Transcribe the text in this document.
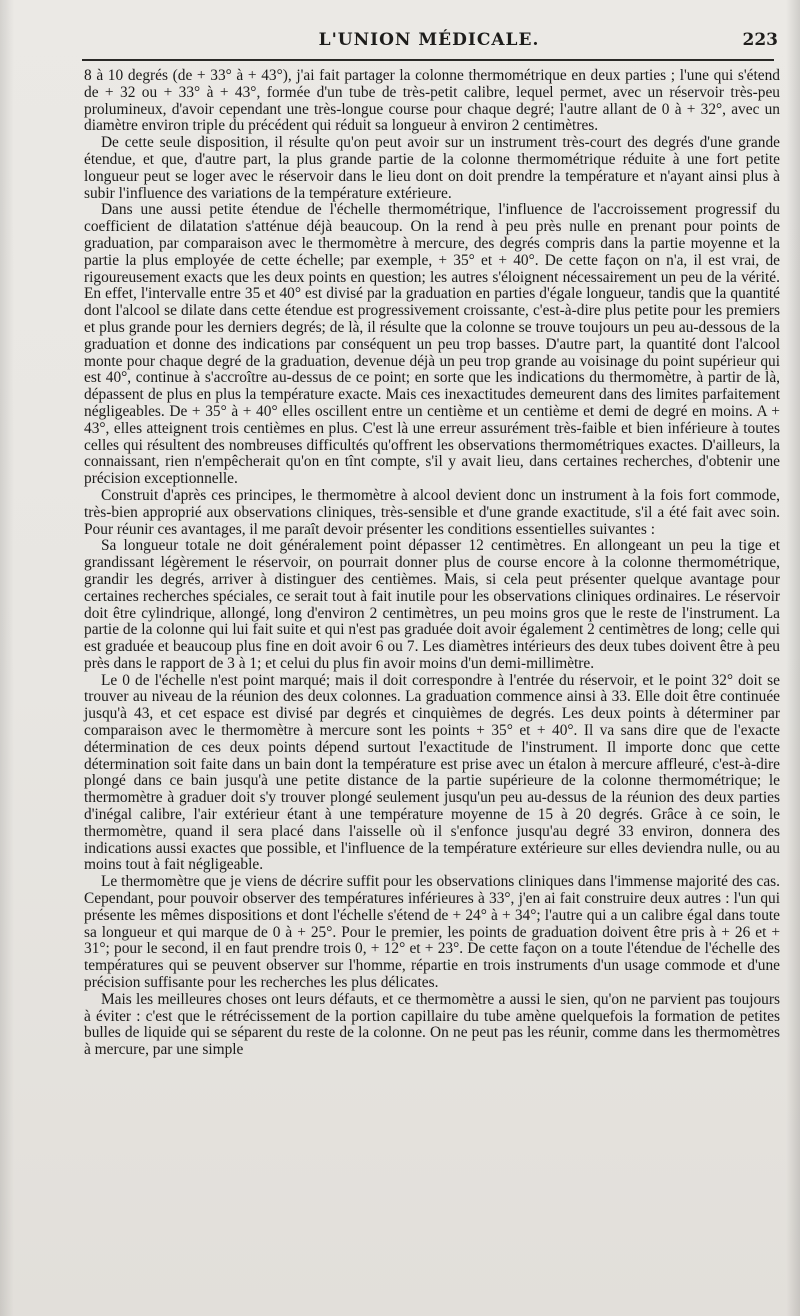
L'UNION MÉDICALE.	223

8 à 10 degrés (de + 33° à + 43°), j'ai fait partager la colonne thermométrique en deux parties ; l'une qui s'étend de + 32 ou + 33° à + 43°, formée d'un tube de très-petit calibre, lequel permet, avec un réservoir très-peu prolumineux, d'avoir cependant une très-longue course pour chaque degré; l'autre allant de 0 à + 32°, avec un diamètre environ triple du précédent qui réduit sa longueur à environ 2 centimètres.

De cette seule disposition, il résulte qu'on peut avoir sur un instrument très-court des degrés d'une grande étendue, et que, d'autre part, la plus grande partie de la colonne thermométrique réduite à une fort petite longueur peut se loger avec le réservoir dans le lieu dont on doit prendre la température et n'ayant ainsi plus à subir l'influence des variations de la température extérieure.

Dans une aussi petite étendue de l'échelle thermométrique, l'influence de l'accroissement progressif du coefficient de dilatation s'atténue déjà beaucoup. On la rend à peu près nulle en prenant pour points de graduation, par comparaison avec le thermomètre à mercure, des degrés compris dans la partie moyenne et la partie la plus employée de cette échelle; par exemple, + 35° et + 40°. De cette façon on n'a, il est vrai, de rigoureusement exacts que les deux points en question; les autres s'éloignent nécessairement un peu de la vérité. En effet, l'intervalle entre 35 et 40° est divisé par la graduation en parties d'égale longueur, tandis que la quantité dont l'alcool se dilate dans cette étendue est progressivement croissante, c'est-à-dire plus petite pour les premiers et plus grande pour les derniers degrés; de là, il résulte que la colonne se trouve toujours un peu au-dessous de la graduation et donne des indications par conséquent un peu trop basses. D'autre part, la quantité dont l'alcool monte pour chaque degré de la graduation, devenue déjà un peu trop grande au voisinage du point supérieur qui est 40°, continue à s'accroître au-dessus de ce point; en sorte que les indications du thermomètre, à partir de là, dépassent de plus en plus la température exacte. Mais ces inexactitudes demeurent dans des limites parfaitement négligeables. De + 35° à + 40° elles oscillent entre un centième et un centième et demi de degré en moins. A + 43°, elles atteignent trois centièmes en plus. C'est là une erreur assurément très-faible et bien inférieure à toutes celles qui résultent des nombreuses difficultés qu'offrent les observations thermométriques exactes. D'ailleurs, la connaissant, rien n'empêcherait qu'on en tînt compte, s'il y avait lieu, dans certaines recherches, d'obtenir une précision exceptionnelle.

Construit d'après ces principes, le thermomètre à alcool devient donc un instrument à la fois fort commode, très-bien approprié aux observations cliniques, très-sensible et d'une grande exactitude, s'il a été fait avec soin. Pour réunir ces avantages, il me paraît devoir présenter les conditions essentielles suivantes :

Sa longueur totale ne doit généralement point dépasser 12 centimètres. En allongeant un peu la tige et grandissant légèrement le réservoir, on pourrait donner plus de course encore à la colonne thermométrique, grandir les degrés, arriver à distinguer des centièmes. Mais, si cela peut présenter quelque avantage pour certaines recherches spéciales, ce serait tout à fait inutile pour les observations cliniques ordinaires. Le réservoir doit être cylindrique, allongé, long d'environ 2 centimètres, un peu moins gros que le reste de l'instrument. La partie de la colonne qui lui fait suite et qui n'est pas graduée doit avoir également 2 centimètres de long; celle qui est graduée et beaucoup plus fine en doit avoir 6 ou 7. Les diamètres intérieurs des deux tubes doivent être à peu près dans le rapport de 3 à 1; et celui du plus fin avoir moins d'un demi-millimètre.

Le 0 de l'échelle n'est point marqué; mais il doit correspondre à l'entrée du réservoir, et le point 32° doit se trouver au niveau de la réunion des deux colonnes. La graduation commence ainsi à 33. Elle doit être continuée jusqu'à 43, et cet espace est divisé par degrés et cinquièmes de degrés. Les deux points à déterminer par comparaison avec le thermomètre à mercure sont les points + 35° et + 40°. Il va sans dire que de l'exacte détermination de ces deux points dépend surtout l'exactitude de l'instrument. Il importe donc que cette détermination soit faite dans un bain dont la température est prise avec un étalon à mercure affleuré, c'est-à-dire plongé dans ce bain jusqu'à une petite distance de la partie supérieure de la colonne thermométrique; le thermomètre à graduer doit s'y trouver plongé seulement jusqu'un peu au-dessus de la réunion des deux parties d'inégal calibre, l'air extérieur étant à une température moyenne de 15 à 20 degrés. Grâce à ce soin, le thermomètre, quand il sera placé dans l'aisselle où il s'enfonce jusqu'au degré 33 environ, donnera des indications aussi exactes que possible, et l'influence de la température extérieure sur elles deviendra nulle, ou au moins tout à fait négligeable.

Le thermomètre que je viens de décrire suffit pour les observations cliniques dans l'immense majorité des cas. Cependant, pour pouvoir observer des températures inférieures à 33°, j'en ai fait construire deux autres : l'un qui présente les mêmes dispositions et dont l'échelle s'étend de + 24° à + 34°; l'autre qui a un calibre égal dans toute sa longueur et qui marque de 0 à + 25°. Pour le premier, les points de graduation doivent être pris à + 26 et + 31°; pour le second, il en faut prendre trois 0, + 12° et + 23°. De cette façon on a toute l'étendue de l'échelle des températures qui se peuvent observer sur l'homme, répartie en trois instruments d'un usage commode et d'une précision suffisante pour les recherches les plus délicates.

Mais les meilleures choses ont leurs défauts, et ce thermomètre a aussi le sien, qu'on ne parvient pas toujours à éviter : c'est que le rétrécissement de la portion capillaire du tube amène quelquefois la formation de petites bulles de liquide qui se séparent du reste de la colonne. On ne peut pas les réunir, comme dans les thermomètres à mercure, par une simple
